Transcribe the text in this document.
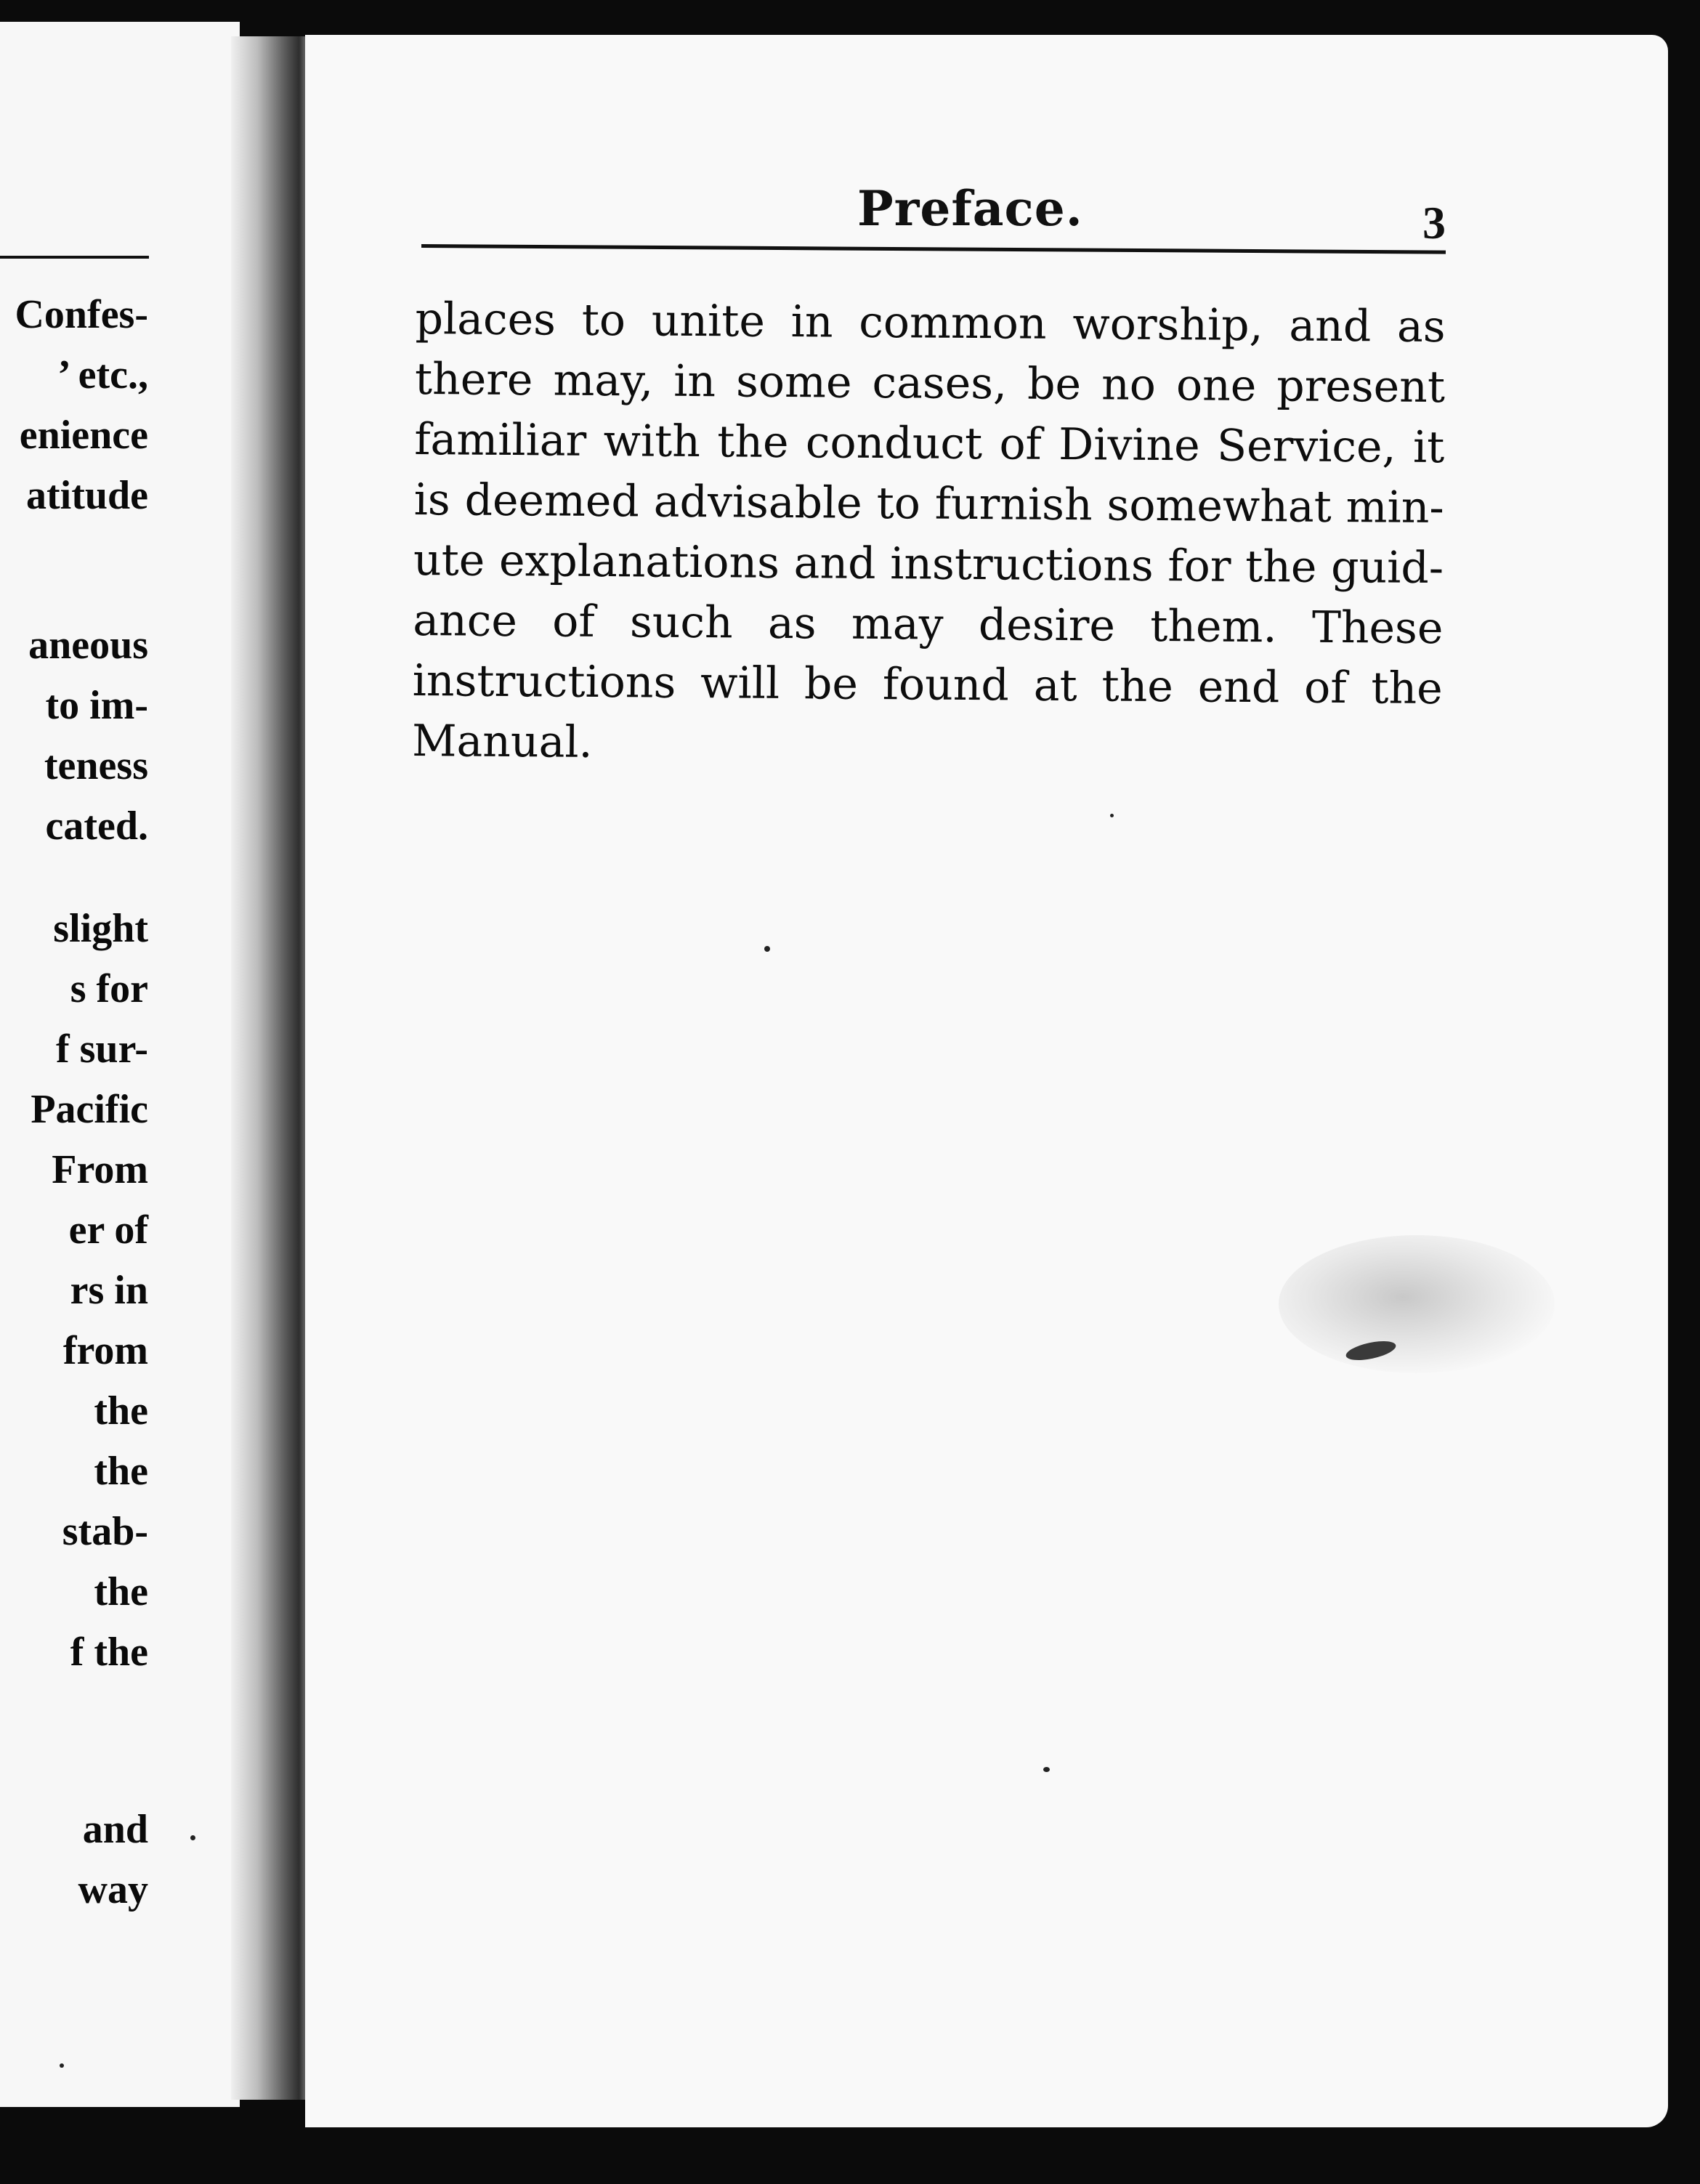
Confes-
’ etc.,
enience
atitude
aneous
to im-
teness
cated.
slight
s for
f sur-
Pacific
From
er of
rs in
from
the
the
stab-
the
f the
and
way
Preface.	3
places to unite in common worship, and as
there may, in some cases, be no one present
familiar with the conduct of Divine Service, it
is deemed advisable to furnish somewhat min-
ute explanations and instructions for the guid-
ance of such as may desire them. These
instructions will be found at the end of the
Manual.
